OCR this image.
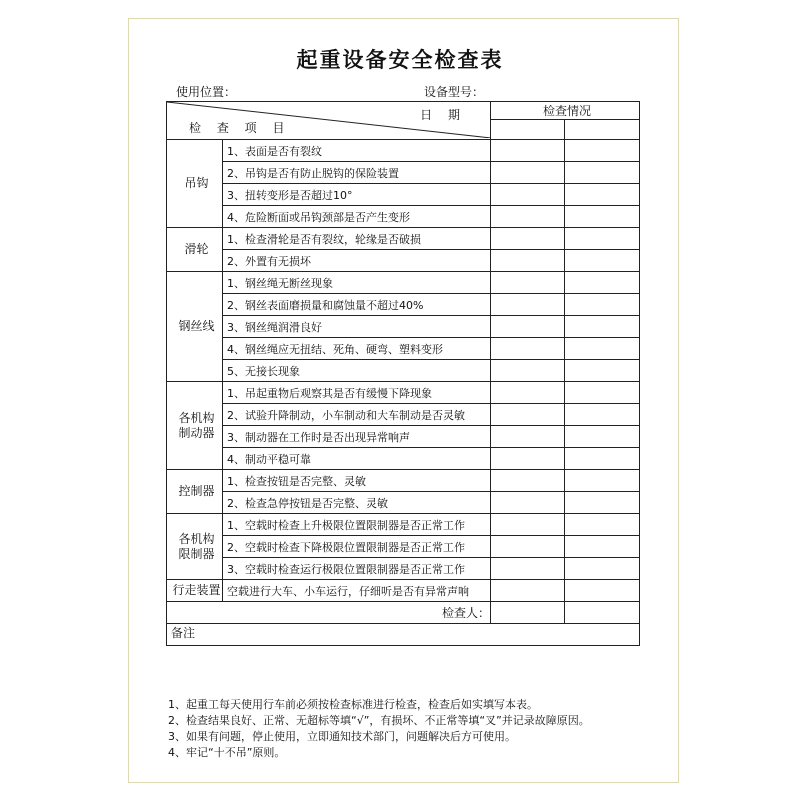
起重设备安全检查表
使用位置：	设备型号：
日 期
检 查 项 目		检查情况	

吊钩	1、表面是否有裂纹		
	2、吊钩是否有防止脱钩的保险装置		
	3、扭转变形是否超过10°		
	4、危险断面或吊钩颈部是否产生变形		
滑轮	1、检查滑轮是否有裂纹，轮缘是否破损		
	2、外置有无损坏		
钢丝线	1、钢丝绳无断丝现象		
	2、钢丝表面磨损量和腐蚀量不超过40%		
	3、钢丝绳润滑良好		
	4、钢丝绳应无扭结、死角、硬弯、塑料变形		
	5、无接长现象		
各机构
制动器	1、吊起重物后观察其是否有缓慢下降现象		
	2、试验升降制动，小车制动和大车制动是否灵敏		
	3、制动器在工作时是否出现异常响声		
	4、制动平稳可靠		
控制器	1、检查按钮是否完整、灵敏		
	2、检查急停按钮是否完整、灵敏		
各机构
限制器	1、空载时检查上升极限位置限制器是否正常工作		
	2、空载时检查下降极限位置限制器是否正常工作		
	3、空载时检查运行极限位置限制器是否正常工作		
行走装置	空载进行大车、小车运行，仔细听是否有异常声响		
检查人：			
备注			
1、起重工每天使用行车前必须按检查标准进行检查，检查后如实填写本表。
2、检查结果良好、正常、无超标等填“√”，有损坏、不正常等填“叉”并记录故障原因。
3、如果有问题，停止使用，立即通知技术部门，问题解决后方可使用。
4、牢记“十不吊”原则。
